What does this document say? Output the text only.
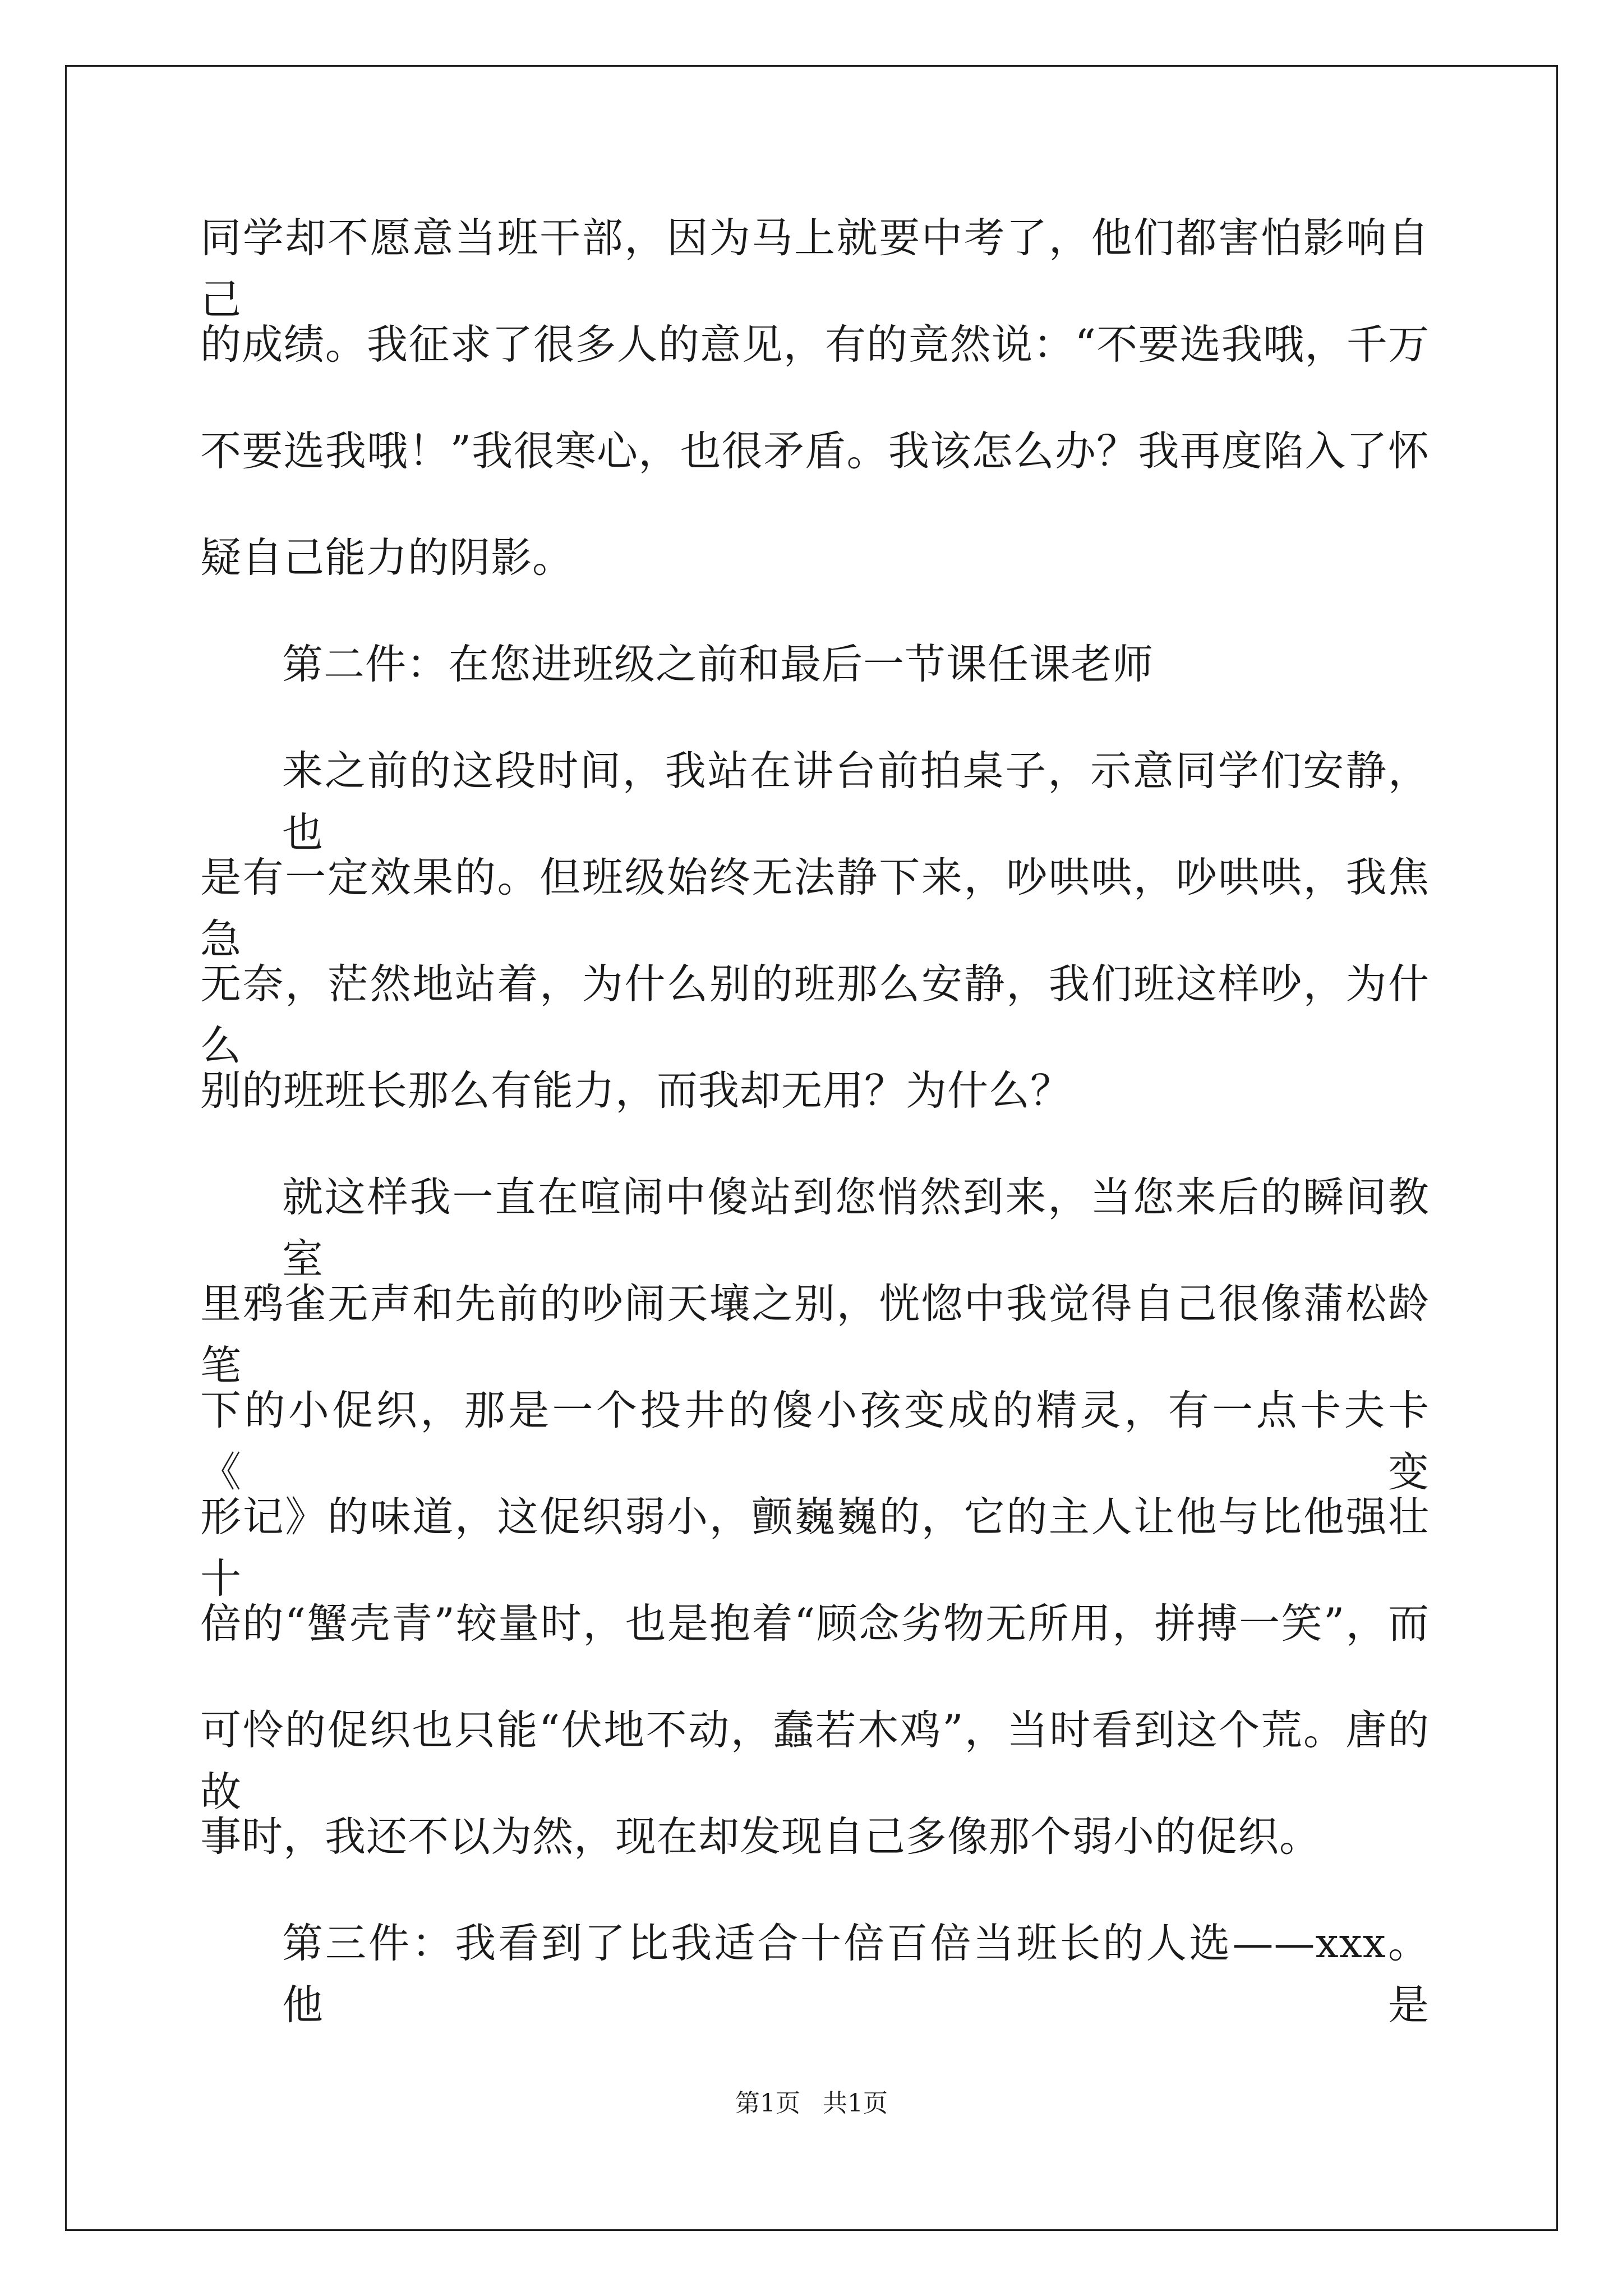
同学却不愿意当班干部，因为马上就要中考了，他们都害怕影响自己
的成绩。我征求了很多人的意见，有的竟然说：“不要选我哦，千万
不要选我哦！”我很寒心，也很矛盾。我该怎么办？我再度陷入了怀
疑自己能力的阴影。
第二件：在您进班级之前和最后一节课任课老师
来之前的这段时间，我站在讲台前拍桌子，示意同学们安静，也
是有一定效果的。但班级始终无法静下来，吵哄哄，吵哄哄，我焦急
无奈，茫然地站着，为什么别的班那么安静，我们班这样吵，为什么
别的班班长那么有能力，而我却无用？为什么？
就这样我一直在喧闹中傻站到您悄然到来，当您来后的瞬间教室
里鸦雀无声和先前的吵闹天壤之别，恍惚中我觉得自己很像蒲松龄笔
下的小促织，那是一个投井的傻小孩变成的精灵，有一点卡夫卡《变
形记》的味道，这促织弱小，颤巍巍的，它的主人让他与比他强壮十
倍的“蟹壳青”较量时，也是抱着“顾念劣物无所用，拼搏一笑”，而
可怜的促织也只能“伏地不动，蠢若木鸡”，当时看到这个荒。唐的故
事时，我还不以为然，现在却发现自己多像那个弱小的促织。
第三件：我看到了比我适合十倍百倍当班长的人选——xxx。他是
第1页 共1页
